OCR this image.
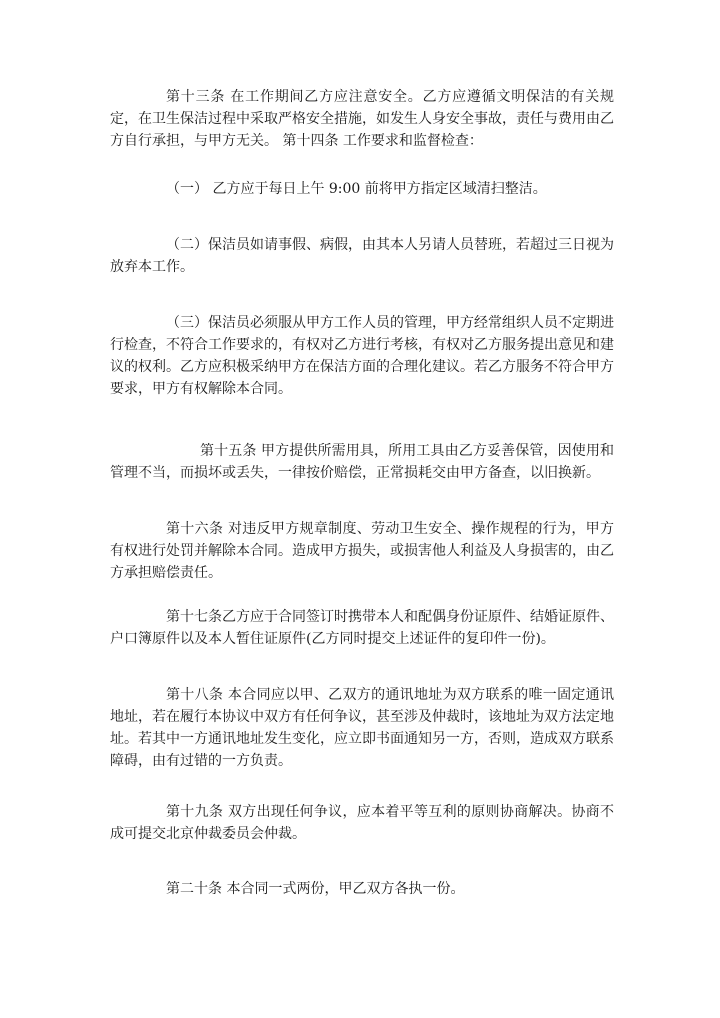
第十三条 在工作期间乙方应注意安全。乙方应遵循文明保洁的有关规定，在卫生保洁过程中采取严格安全措施，如发生人身安全事故，责任与费用由乙方自行承担，与甲方无关。 第十四条 工作要求和监督检查：

（一） 乙方应于每日上午 9:00 前将甲方指定区域清扫整洁。

（二）保洁员如请事假、病假，由其本人另请人员替班，若超过三日视为放弃本工作。

（三）保洁员必须服从甲方工作人员的管理，甲方经常组织人员不定期进行检查，不符合工作要求的，有权对乙方进行考核，有权对乙方服务提出意见和建议的权利。乙方应积极采纳甲方在保洁方面的合理化建议。若乙方服务不符合甲方要求，甲方有权解除本合同。

第十五条 甲方提供所需用具，所用工具由乙方妥善保管，因使用和管理不当，而损坏或丢失，一律按价赔偿，正常损耗交由甲方备查，以旧换新。

第十六条 对违反甲方规章制度、劳动卫生安全、操作规程的行为，甲方有权进行处罚并解除本合同。造成甲方损失，或损害他人利益及人身损害的，由乙方承担赔偿责任。

第十七条乙方应于合同签订时携带本人和配偶身份证原件、结婚证原件、户口簿原件以及本人暂住证原件(乙方同时提交上述证件的复印件一份)。

第十八条 本合同应以甲、乙双方的通讯地址为双方联系的唯一固定通讯地址，若在履行本协议中双方有任何争议，甚至涉及仲裁时，该地址为双方法定地址。若其中一方通讯地址发生变化，应立即书面通知另一方，否则，造成双方联系障碍，由有过错的一方负责。

第十九条 双方出现任何争议，应本着平等互利的原则协商解决。协商不成可提交北京仲裁委员会仲裁。

第二十条 本合同一式两份，甲乙双方各执一份。
